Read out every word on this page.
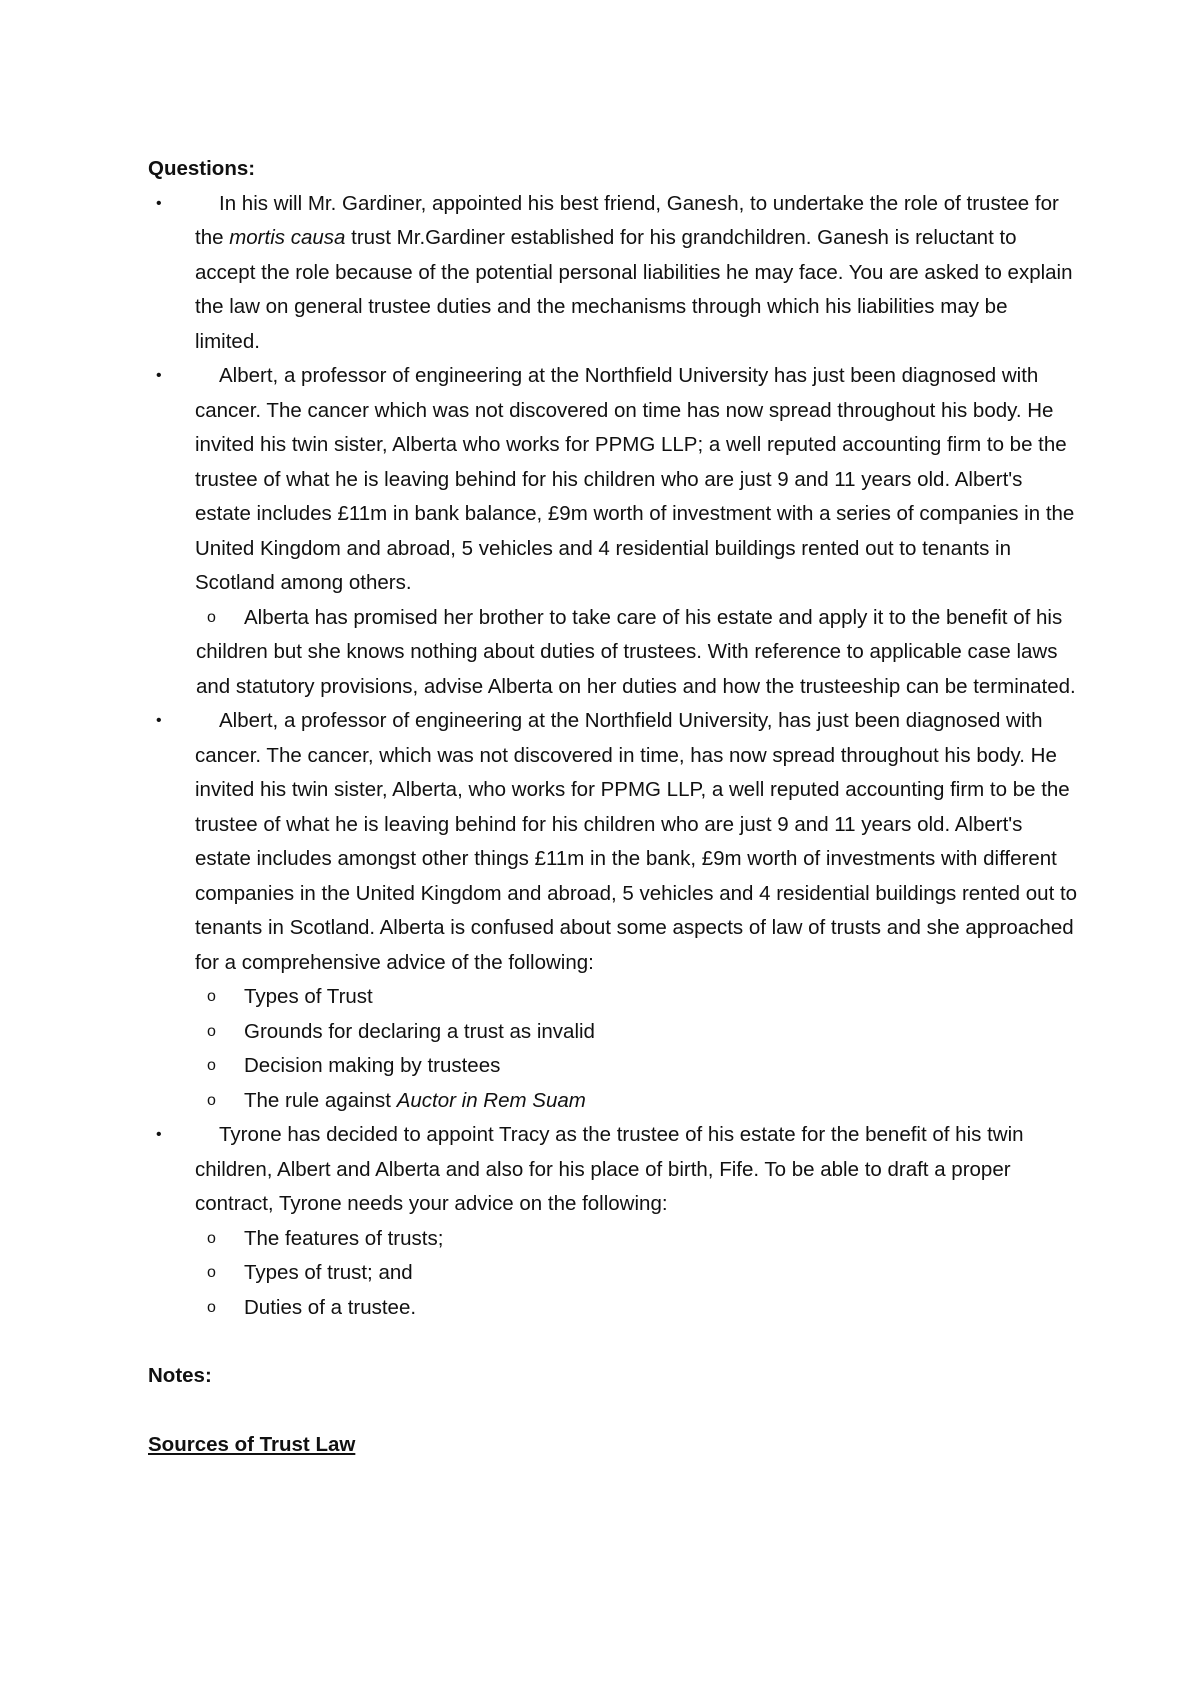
Questions:

•	In his will Mr. Gardiner, appointed his best friend, Ganesh, to undertake the role of trustee for the mortis causa trust Mr.Gardiner established for his grandchildren. Ganesh is reluctant to accept the role because of the potential personal liabilities he may face. You are asked to explain the law on general trustee duties and the mechanisms through which his liabilities may be limited.
•	Albert, a professor of engineering at the Northfield University has just been diagnosed with cancer. The cancer which was not discovered on time has now spread throughout his body. He invited his twin sister, Alberta who works for PPMG LLP; a well reputed accounting firm to be the trustee of what he is leaving behind for his children who are just 9 and 11 years old. Albert's estate includes £11m in bank balance, £9m worth of investment with a series of companies in the United Kingdom and abroad, 5 vehicles and 4 residential buildings rented out to tenants in Scotland among others.
o	Alberta has promised her brother to take care of his estate and apply it to the benefit of his children but she knows nothing about duties of trustees. With reference to applicable case laws and statutory provisions, advise Alberta on her duties and how the trusteeship can be terminated.
•	Albert, a professor of engineering at the Northfield University, has just been diagnosed with cancer. The cancer, which was not discovered in time, has now spread throughout his body. He invited his twin sister, Alberta, who works for PPMG LLP, a well reputed accounting firm to be the trustee of what he is leaving behind for his children who are just 9 and 11 years old. Albert's estate includes amongst other things £11m in the bank, £9m worth of investments with different companies in the United Kingdom and abroad, 5 vehicles and 4 residential buildings rented out to tenants in Scotland. Alberta is confused about some aspects of law of trusts and she approached for a comprehensive advice of the following:
o	Types of Trust
o	Grounds for declaring a trust as invalid
o	Decision making by trustees
o	The rule against Auctor in Rem Suam
•	Tyrone has decided to appoint Tracy as the trustee of his estate for the benefit of his twin children, Albert and Alberta and also for his place of birth, Fife. To be able to draft a proper contract, Tyrone needs your advice on the following:
o	The features of trusts;
o	Types of trust; and
o	Duties of a trustee.

Notes:

Sources of Trust Law
